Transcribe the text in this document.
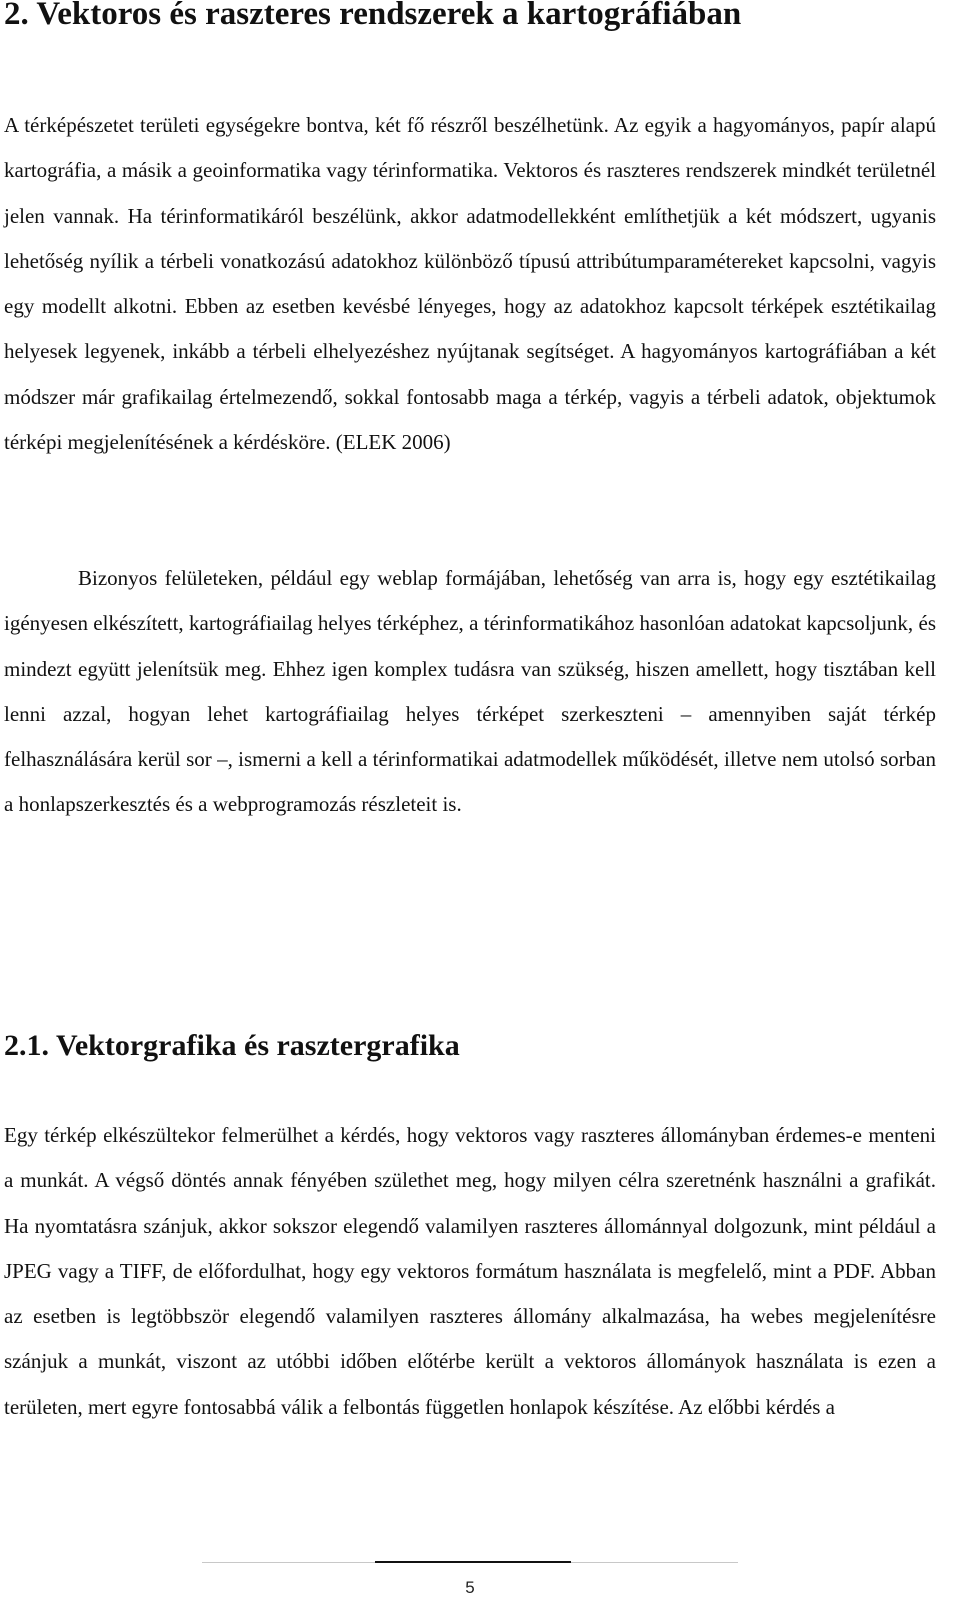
2. Vektoros és raszteres rendszerek a kartográfiában

A térképészetet területi egységekre bontva, két fő részről beszélhetünk. Az egyik a hagyományos, papír alapú kartográfia, a másik a geoinformatika vagy térinformatika. Vektoros és raszteres rendszerek mindkét területnél jelen vannak. Ha térinformatikáról beszélünk, akkor adatmodellekként említhetjük a két módszert, ugyanis lehetőség nyílik a térbeli vonatkozású adatokhoz különböző típusú attribútumparamétereket kapcsolni, vagyis egy modellt alkotni. Ebben az esetben kevésbé lényeges, hogy az adatokhoz kapcsolt térképek esztétikailag helyesek legyenek, inkább a térbeli elhelyezéshez nyújtanak segítséget. A hagyományos kartográfiában a két módszer már grafikailag értelmezendő, sokkal fontosabb maga a térkép, vagyis a térbeli adatok, objektumok térképi megjelenítésének a kérdésköre. (ELEK 2006)

Bizonyos felületeken, például egy weblap formájában, lehetőség van arra is, hogy egy esztétikailag igényesen elkészített, kartográfiailag helyes térképhez, a térinformatikához hasonlóan adatokat kapcsoljunk, és mindezt együtt jelenítsük meg. Ehhez igen komplex tudásra van szükség, hiszen amellett, hogy tisztában kell lenni azzal, hogyan lehet kartográfiailag helyes térképet szerkeszteni – amennyiben saját térkép felhasználására kerül sor –, ismerni a kell a térinformatikai adatmodellek működését, illetve nem utolsó sorban a honlapszerkesztés és a webprogramozás részleteit is.

2.1. Vektorgrafika és rasztergrafika

Egy térkép elkészültekor felmerülhet a kérdés, hogy vektoros vagy raszteres állományban érdemes-e menteni a munkát. A végső döntés annak fényében születhet meg, hogy milyen célra szeretnénk használni a grafikát. Ha nyomtatásra szánjuk, akkor sokszor elegendő valamilyen raszteres állománnyal dolgozunk, mint például a JPEG vagy a TIFF, de előfordulhat, hogy egy vektoros formátum használata is megfelelő, mint a PDF. Abban az esetben is legtöbbször elegendő valamilyen raszteres állomány alkalmazása, ha webes megjelenítésre szánjuk a munkát, viszont az utóbbi időben előtérbe került a vektoros állományok használata is ezen a területen, mert egyre fontosabbá válik a felbontás független honlapok készítése. Az előbbi kérdés a

5
